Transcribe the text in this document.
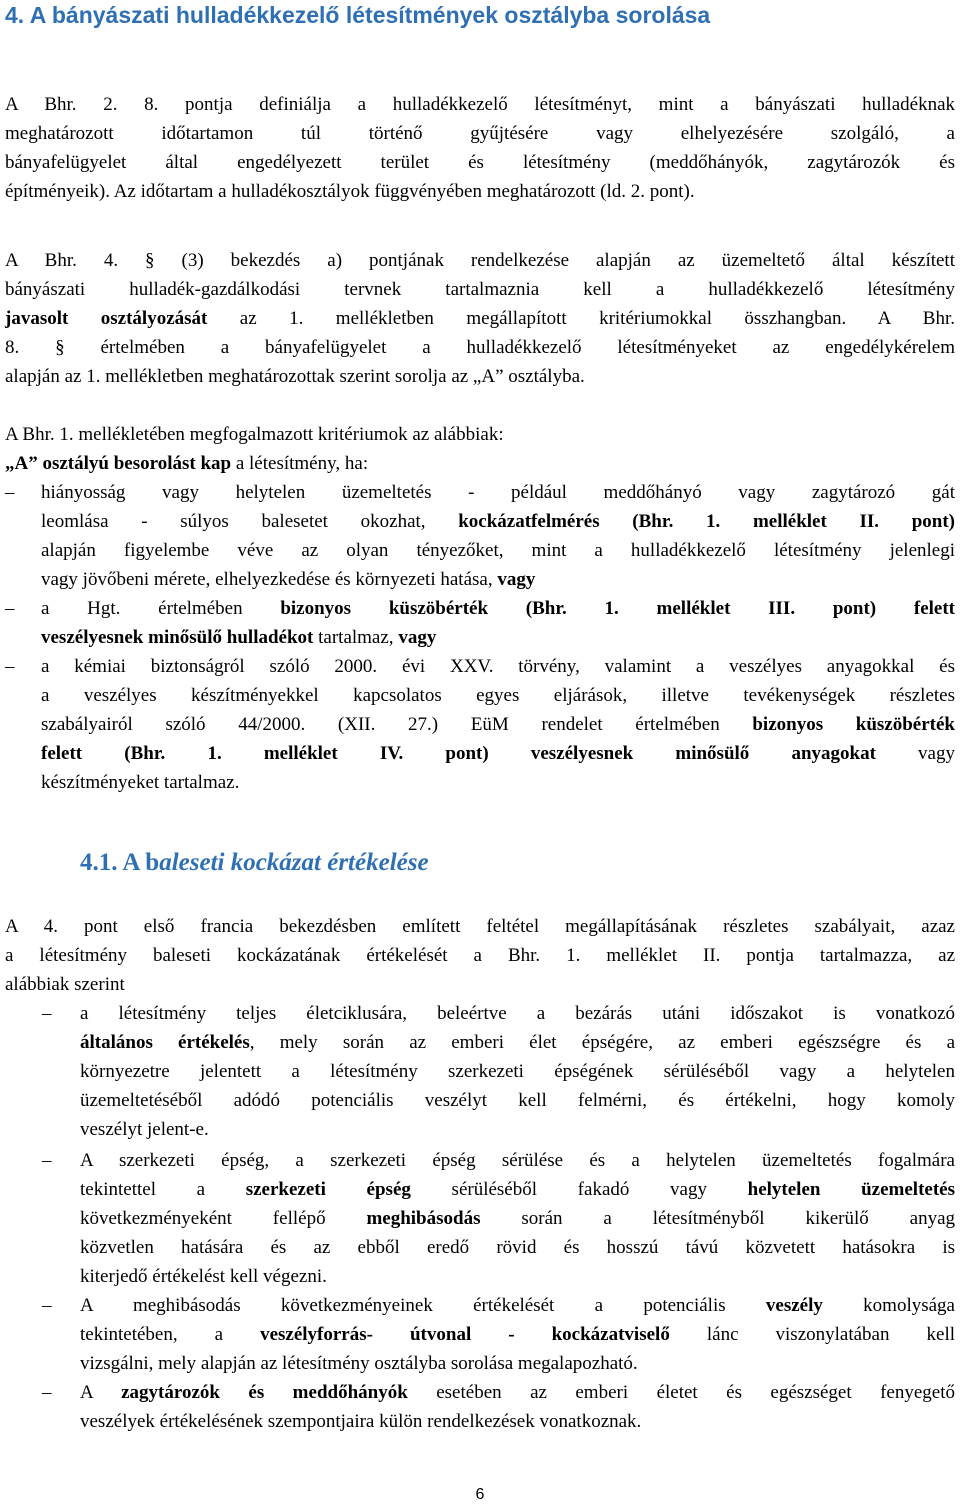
4. A bányászati hulladékkezelő létesítmények osztályba sorolása
A Bhr. 2. 8. pontja definiálja a hulladékkezelő létesítményt, mint a bányászati hulladéknak
meghatározott időtartamon túl történő gyűjtésére vagy elhelyezésére szolgáló, a
bányafelügyelet által engedélyezett terület és létesítmény (meddőhányók, zagytározók és
építményeik). Az időtartam a hulladékosztályok függvényében meghatározott (ld. 2. pont).
A Bhr. 4. § (3) bekezdés a) pontjának rendelkezése alapján az üzemeltető által készített
bányászati hulladék-gazdálkodási tervnek tartalmaznia kell a hulladékkezelő létesítmény
javasolt osztályozását az 1. mellékletben megállapított kritériumokkal összhangban. A Bhr.
8. § értelmében a bányafelügyelet a hulladékkezelő létesítményeket az engedélykérelem
alapján az 1. mellékletben meghatározottak szerint sorolja az „A” osztályba.
A Bhr. 1. mellékletében megfogalmazott kritériumok az alábbiak:
„A” osztályú besorolást kap a létesítmény, ha:
– hiányosság vagy helytelen üzemeltetés - például meddőhányó vagy zagytározó gát
leomlása - súlyos balesetet okozhat, kockázatfelmérés (Bhr. 1. melléklet II. pont)
alapján figyelembe véve az olyan tényezőket, mint a hulladékkezelő létesítmény jelenlegi
vagy jövőbeni mérete, elhelyezkedése és környezeti hatása, vagy
– a Hgt. értelmében bizonyos küszöbérték (Bhr. 1. melléklet III. pont) felett
veszélyesnek minősülő hulladékot tartalmaz, vagy
– a kémiai biztonságról szóló 2000. évi XXV. törvény, valamint a veszélyes anyagokkal és
a veszélyes készítményekkel kapcsolatos egyes eljárások, illetve tevékenységek részletes
szabályairól szóló 44/2000. (XII. 27.) EüM rendelet értelmében bizonyos küszöbérték
felett (Bhr. 1. melléklet IV. pont) veszélyesnek minősülő anyagokat vagy
készítményeket tartalmaz.
4.1. A baleseti kockázat értékelése
A 4. pont első francia bekezdésben említett feltétel megállapításának részletes szabályait, azaz
a létesítmény baleseti kockázatának értékelését a Bhr. 1. melléklet II. pontja tartalmazza, az
alábbiak szerint
– a létesítmény teljes életciklusára, beleértve a bezárás utáni időszakot is vonatkozó
általános értékelés, mely során az emberi élet épségére, az emberi egészségre és a
környezetre jelentett a létesítmény szerkezeti épségének sérüléséből vagy a helytelen
üzemeltetéséből adódó potenciális veszélyt kell felmérni, és értékelni, hogy komoly
veszélyt jelent-e.
– A szerkezeti épség, a szerkezeti épség sérülése és a helytelen üzemeltetés fogalmára
tekintettel a szerkezeti épség sérüléséből fakadó vagy helytelen üzemeltetés
következményeként fellépő meghibásodás során a létesítményből kikerülő anyag
közvetlen hatására és az ebből eredő rövid és hosszú távú közvetett hatásokra is
kiterjedő értékelést kell végezni.
– A meghibásodás következményeinek értékelését a potenciális veszély komolysága
tekintetében, a veszélyforrás- útvonal - kockázatviselő lánc viszonylatában kell
vizsgálni, mely alapján az létesítmény osztályba sorolása megalapozható.
– A zagytározók és meddőhányók esetében az emberi életet és egészséget fenyegető
veszélyek értékelésének szempontjaira külön rendelkezések vonatkoznak.
6
